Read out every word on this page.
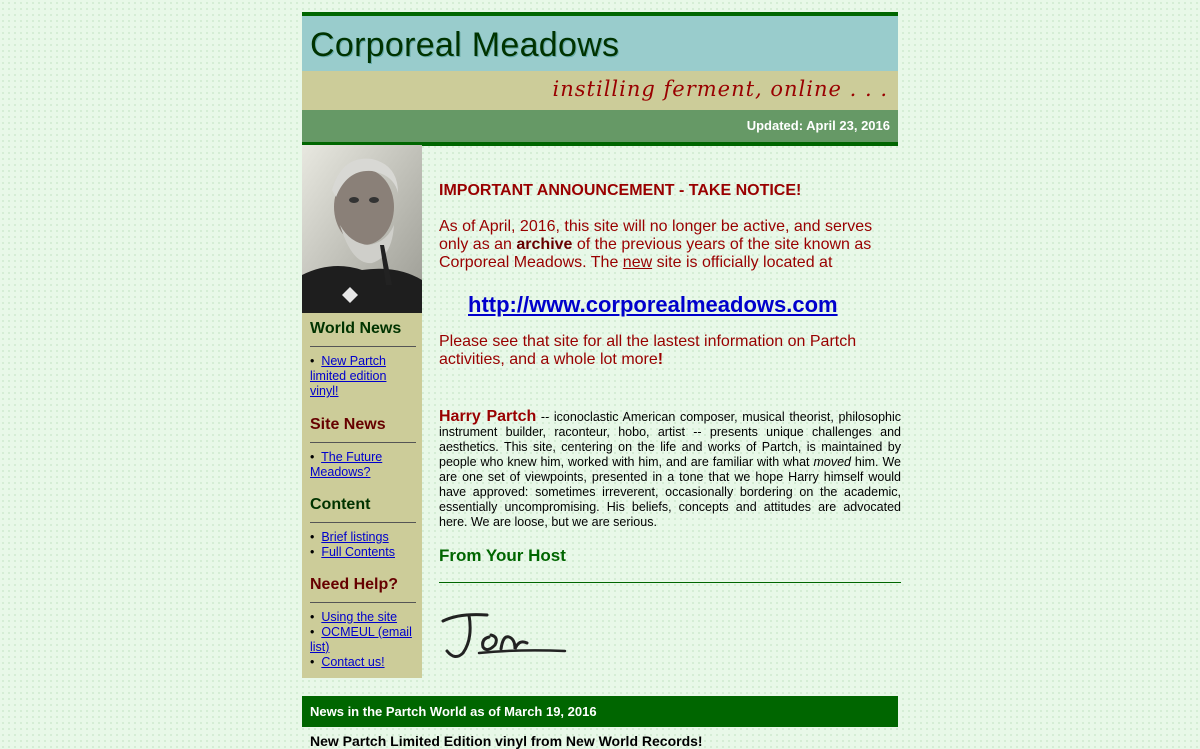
Corporeal Meadows
instilling ferment, online . . .
Updated: April 23, 2016
World News
•  New Partch limited edition vinyl!
Site News
•  The Future Meadows?
Content
•  Brief listings
•  Full Contents
Need Help?
•  Using the site
•  OCMEUL (email list)
•  Contact us!
IMPORTANT ANNOUNCEMENT - TAKE NOTICE!
As of April, 2016, this site will no longer be active, and serves only as an archive of the previous years of the site known as Corporeal Meadows. The new site is officially located at
http://www.corporealmeadows.com
Please see that site for all the lastest information on Partch activities, and a whole lot more!
Harry Partch -- iconoclastic American composer, musical theorist, philosophic instrument builder, raconteur, hobo, artist -- presents unique challenges and aesthetics. This site, centering on the life and works of Partch, is maintained by people who knew him, worked with him, and are familiar with what moved him. We are one set of viewpoints, presented in a tone that we hope Harry himself would have approved: sometimes irreverent, occasionally bordering on the academic, essentially uncompromising. His beliefs, concepts and attitudes are advocated here. We are loose, but we are serious.
From Your Host
News in the Partch World as of March 19, 2016
New Partch Limited Edition vinyl from New World Records!
